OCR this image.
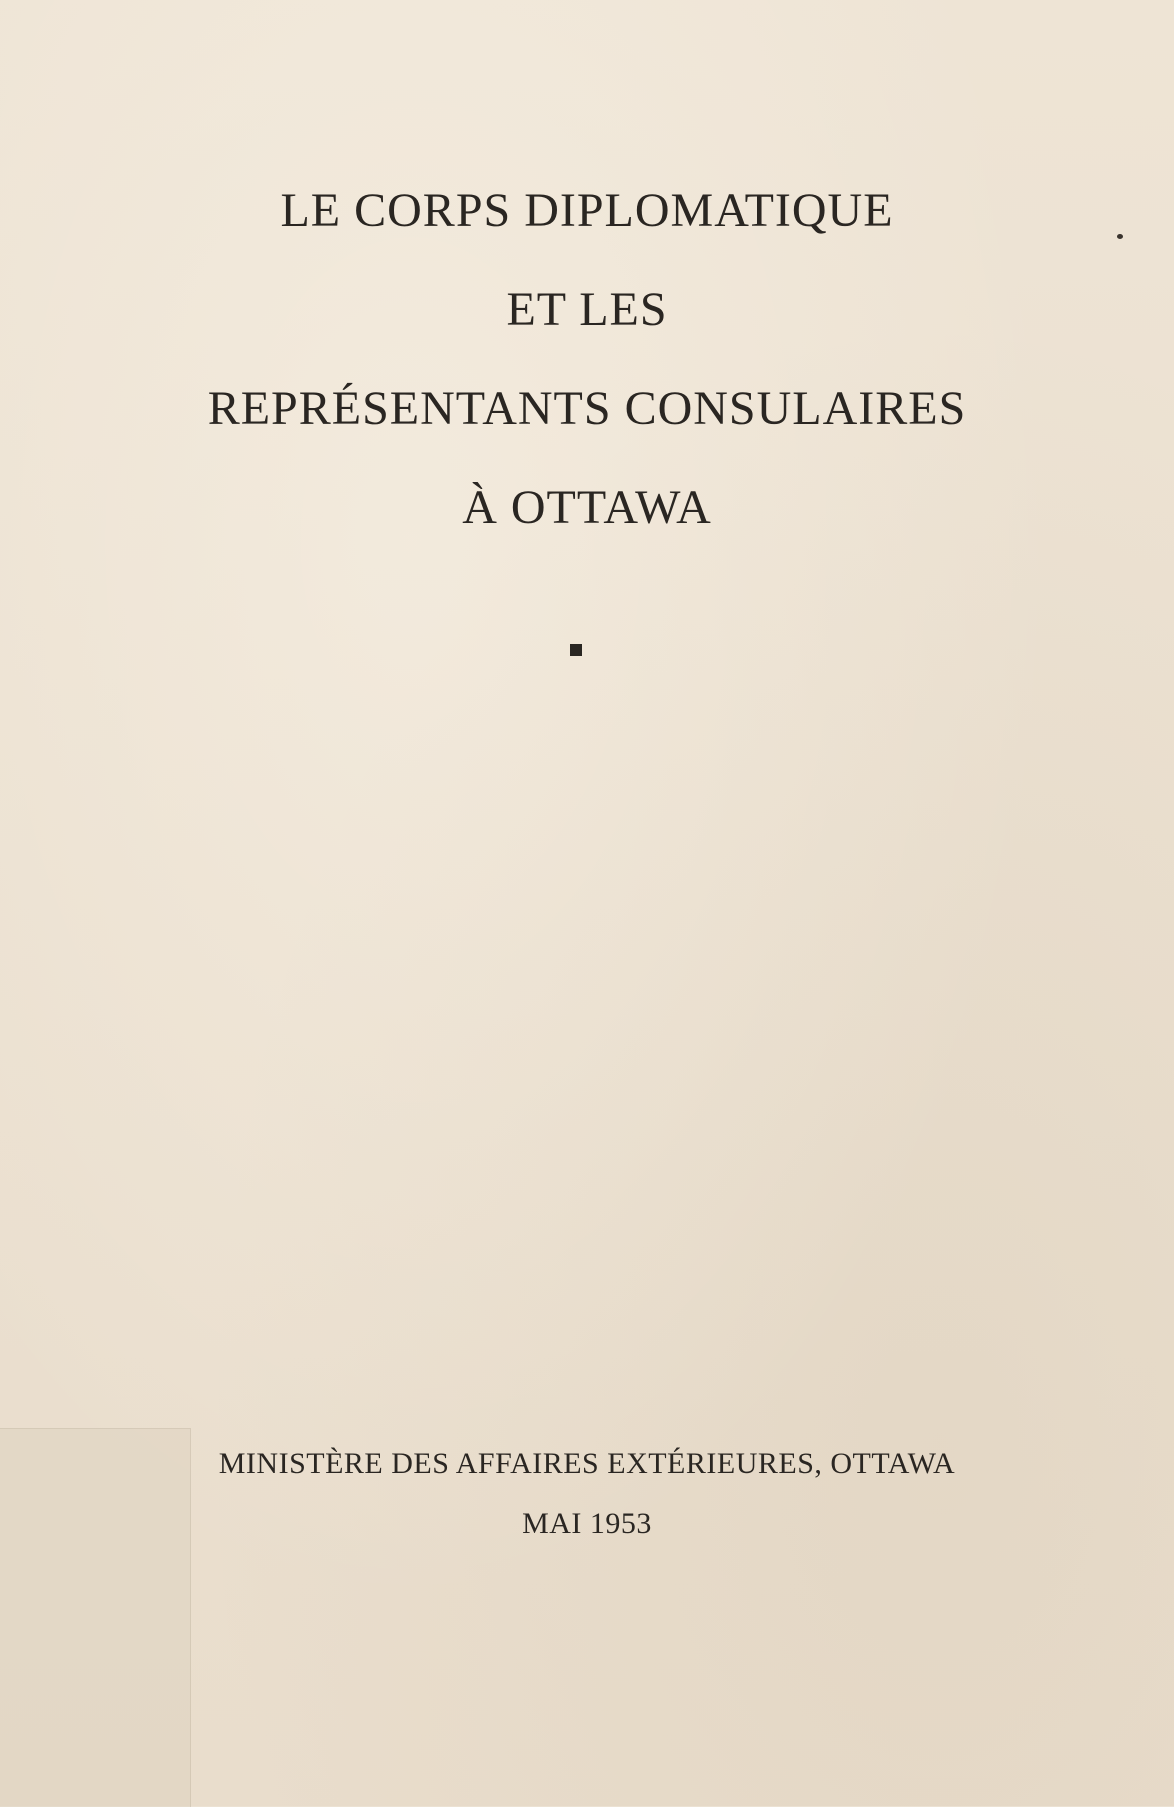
LE CORPS DIPLOMATIQUE

ET LES

REPRÉSENTANTS CONSULAIRES

À OTTAWA

MINISTÈRE DES AFFAIRES EXTÉRIEURES, OTTAWA

MAI 1953
